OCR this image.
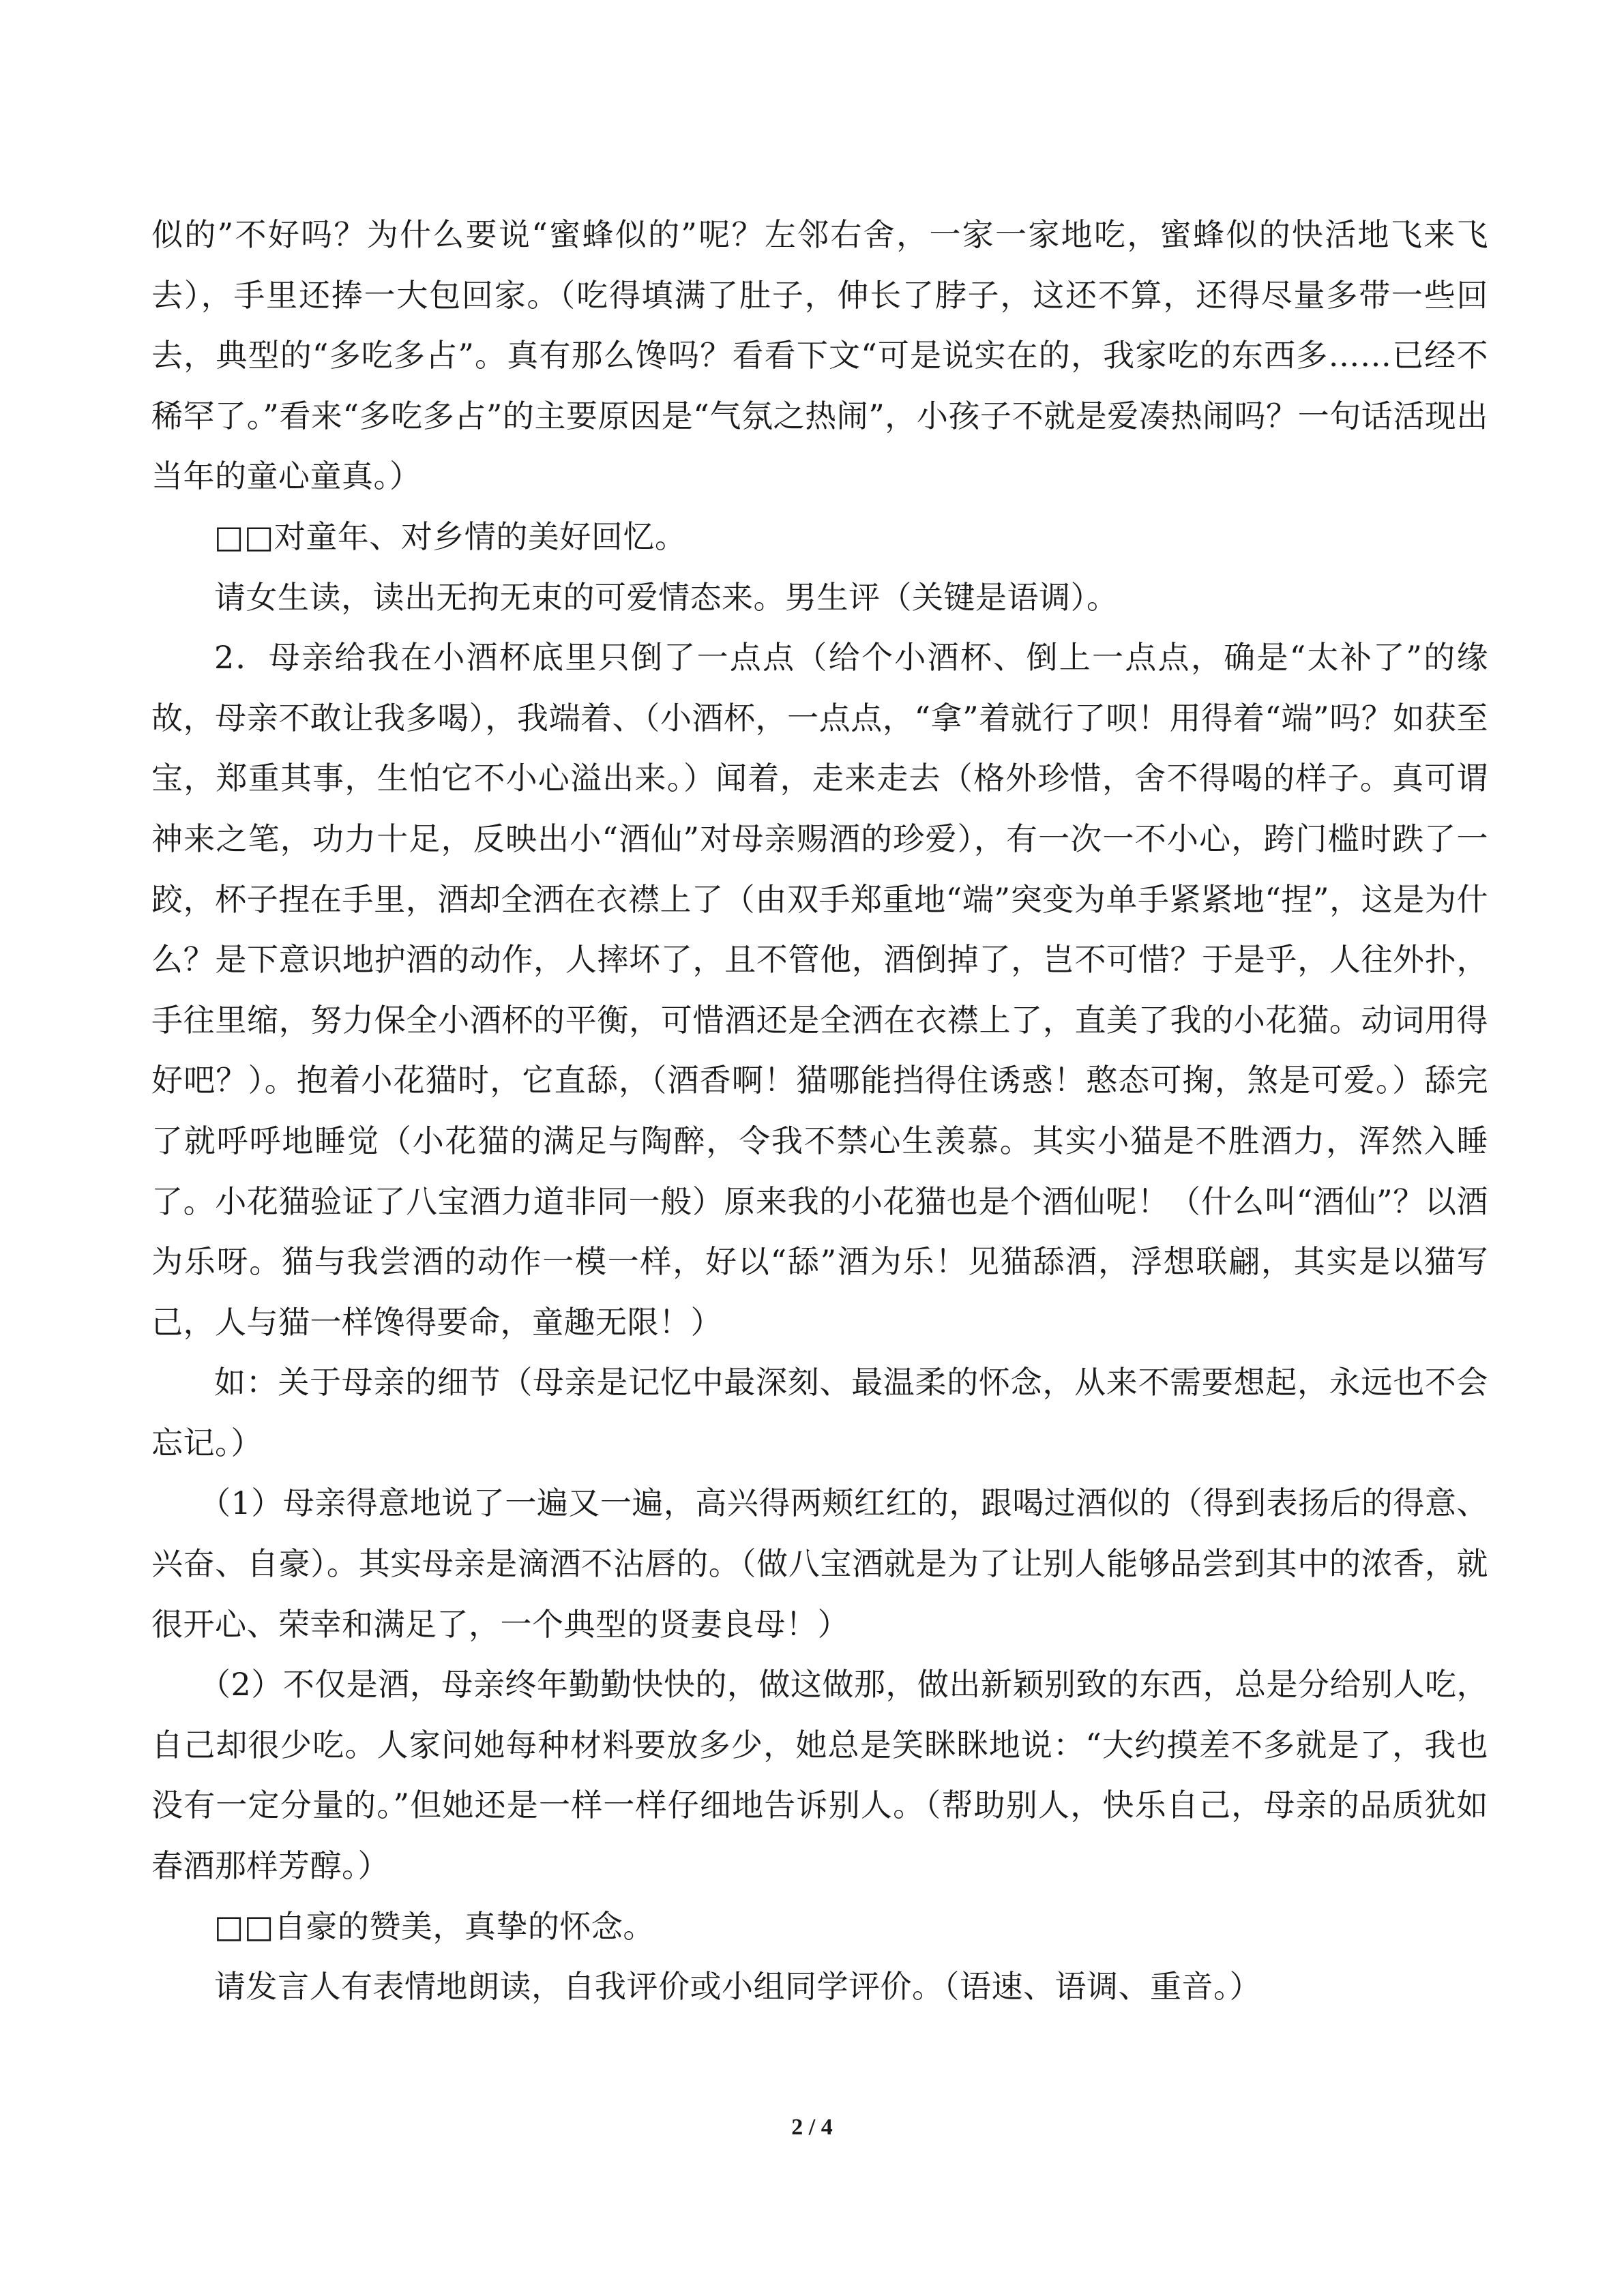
似的”不好吗？为什么要说“蜜蜂似的”呢？左邻右舍，一家一家地吃，蜜蜂似的快活地飞来飞去），手里还捧一大包回家。（吃得填满了肚子，伸长了脖子，这还不算，还得尽量多带一些回去，典型的“多吃多占”。真有那么馋吗？看看下文“可是说实在的，我家吃的东西多……已经不稀罕了。”看来“多吃多占”的主要原因是“气氛之热闹”，小孩子不就是爱凑热闹吗？一句话活现出当年的童心童真。）

□□对童年、对乡情的美好回忆。

请女生读，读出无拘无束的可爱情态来。男生评（关键是语调）。

2．母亲给我在小酒杯底里只倒了一点点（给个小酒杯、倒上一点点，确是“太补了”的缘故，母亲不敢让我多喝），我端着、（小酒杯，一点点，“拿”着就行了呗！用得着“端”吗？如获至宝，郑重其事，生怕它不小心溢出来。）闻着，走来走去（格外珍惜，舍不得喝的样子。真可谓神来之笔，功力十足，反映出小“酒仙”对母亲赐酒的珍爱），有一次一不小心，跨门槛时跌了一跤，杯子捏在手里，酒却全洒在衣襟上了（由双手郑重地“端”突变为单手紧紧地“捏”，这是为什么？是下意识地护酒的动作，人摔坏了，且不管他，酒倒掉了，岂不可惜？于是乎，人往外扑，手往里缩，努力保全小酒杯的平衡，可惜酒还是全洒在衣襟上了，直美了我的小花猫。动词用得好吧？）。抱着小花猫时，它直舔，（酒香啊！猫哪能挡得住诱惑！憨态可掬，煞是可爱。）舔完了就呼呼地睡觉（小花猫的满足与陶醉，令我不禁心生羡慕。其实小猫是不胜酒力，浑然入睡了。小花猫验证了八宝酒力道非同一般）原来我的小花猫也是个酒仙呢！（什么叫“酒仙”？以酒为乐呀。猫与我尝酒的动作一模一样，好以“舔”酒为乐！见猫舔酒，浮想联翩，其实是以猫写己，人与猫一样馋得要命，童趣无限！）

如：关于母亲的细节（母亲是记忆中最深刻、最温柔的怀念，从来不需要想起，永远也不会忘记。）

（1）母亲得意地说了一遍又一遍，高兴得两颊红红的，跟喝过酒似的（得到表扬后的得意、兴奋、自豪）。其实母亲是滴酒不沾唇的。（做八宝酒就是为了让别人能够品尝到其中的浓香，就很开心、荣幸和满足了，一个典型的贤妻良母！）

（2）不仅是酒，母亲终年勤勤快快的，做这做那，做出新颖别致的东西，总是分给别人吃，自己却很少吃。人家问她每种材料要放多少，她总是笑眯眯地说：“大约摸差不多就是了，我也没有一定分量的。”但她还是一样一样仔细地告诉别人。（帮助别人，快乐自己，母亲的品质犹如春酒那样芳醇。）

□□自豪的赞美，真挚的怀念。

请发言人有表情地朗读，自我评价或小组同学评价。（语速、语调、重音。）

2 / 4
